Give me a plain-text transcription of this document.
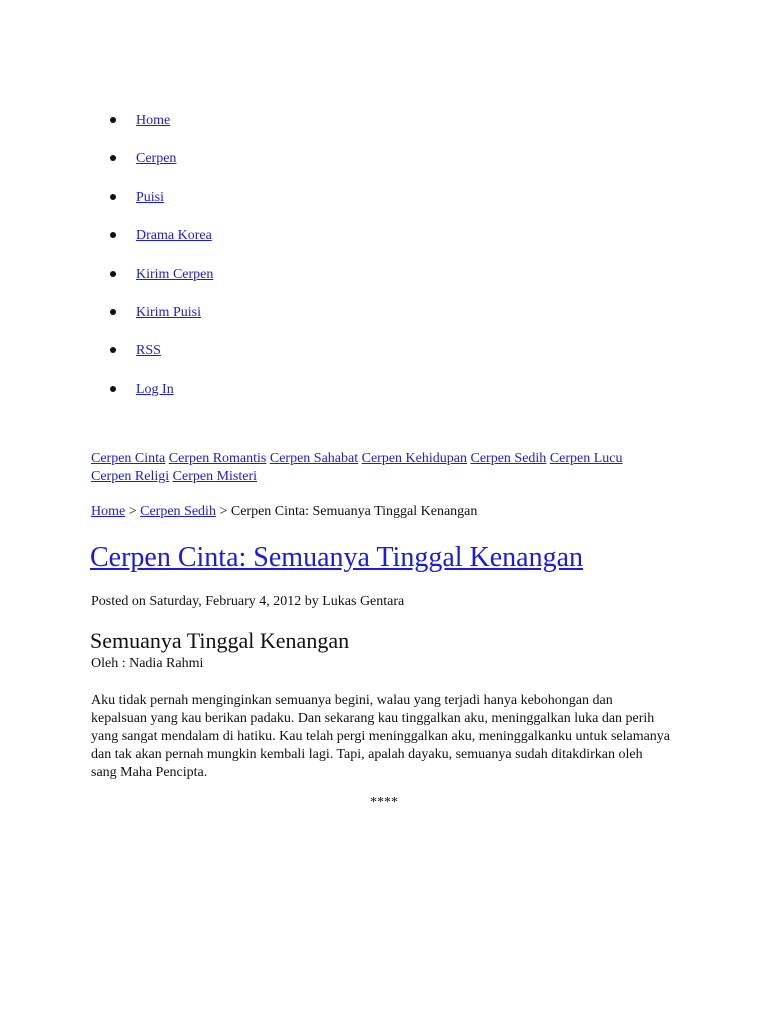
Home
Cerpen
Puisi
Drama Korea
Kirim Cerpen
Kirim Puisi
RSS
Log In
Cerpen Cinta Cerpen Romantis Cerpen Sahabat Cerpen Kehidupan Cerpen Sedih Cerpen Lucu
Cerpen Religi Cerpen Misteri
Home > Cerpen Sedih > Cerpen Cinta: Semuanya Tinggal Kenangan
Cerpen Cinta: Semuanya Tinggal Kenangan
Posted on Saturday, February 4, 2012 by Lukas Gentara
Semuanya Tinggal Kenangan
Oleh : Nadia Rahmi

Aku tidak pernah menginginkan semuanya begini, walau yang terjadi hanya kebohongan dan kepalsuan yang kau berikan padaku. Dan sekarang kau tinggalkan aku, meninggalkan luka dan perih yang sangat mendalam di hatiku. Kau telah pergi meninggalkan aku, meninggalkanku untuk selamanya dan tak akan pernah mungkin kembali lagi. Tapi, apalah dayaku, semuanya sudah ditakdirkan oleh sang Maha Pencipta.

****
